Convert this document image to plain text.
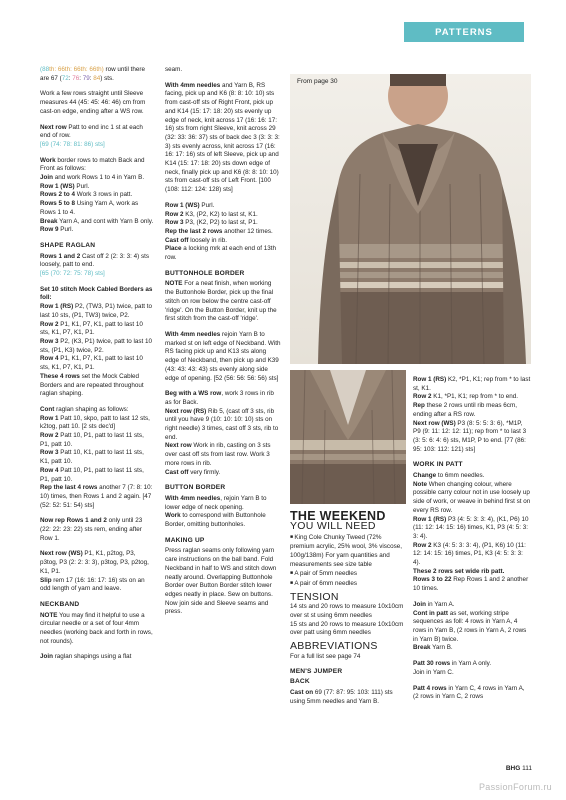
PATTERNS

(88th: 66th: 66th: 66th) row until there are 67 (72: 76: 79: 84) sts.

Work a few rows straight until Sleeve measures 44 (45: 45: 46: 46) cm from cast-on edge, ending after a WS row.

Next row Patt to end inc 1 st at each end of row.
[69 (74: 78: 81: 86) sts]

Work border rows to match Back and Front as follows:
Join and work Rows 1 to 4 in Yarn B.
Row 1 (WS) Purl.
Rows 2 to 4 Work 3 rows in patt.
Rows 5 to 8 Using Yarn A, work as Rows 1 to 4.
Break Yarn A, and cont with Yarn B only.
Row 9 Purl.

SHAPE RAGLAN

Rows 1 and 2 Cast off 2 (2: 3: 3: 4) sts loosely, patt to end.
[65 (70: 72: 75: 78) sts]

Set 10 stitch Mock Cabled Borders as foll:
Row 1 (RS) P2, (TW3, P1) twice, patt to last 10 sts, (P1, TW3) twice, P2.
Row 2 P1, K1, P7, K1, patt to last 10 sts, K1, P7, K1, P1.
Row 3 P2, (K3, P1) twice, patt to last 10 sts, (P1, K3) twice, P2.
Row 4 P1, K1, P7, K1, patt to last 10 sts, K1, P7, K1, P1.
These 4 rows set the Mock Cabled Borders and are repeated throughout raglan shaping.

Cont raglan shaping as follows:
Row 1 Patt 10, skpo, patt to last 12 sts, k2tog, patt 10. [2 sts dec'd]
Row 2 Patt 10, P1, patt to last 11 sts, P1, patt 10.
Row 3 Patt 10, K1, patt to last 11 sts, K1, patt 10.
Row 4 Patt 10, P1, patt to last 11 sts, P1, patt 10.
Rep the last 4 rows another 7 (7: 8: 10: 10) times, then Rows 1 and 2 again. [47 (52: 52: 51: 54) sts]

Now rep Rows 1 and 2 only until 23 (22: 22: 23: 22) sts rem, ending after Row 1.

Next row (WS) P1, K1, p2tog, P3, p3tog, P3 (2: 2: 3: 3), p3tog, P3, p2tog, K1, P1.
Slip rem 17 (16: 16: 17: 16) sts on an odd length of yarn and leave.

NECKBAND

NOTE You may find it helpful to use a circular needle or a set of four 4mm needles (working back and forth in rows, not rounds).

Join raglan shapings using a flat

seam.

With 4mm needles and Yarn B, RS facing, pick up and K6 (8: 8: 10: 10) sts from cast-off sts of Right Front, pick up and K14 (15: 17: 18: 20) sts evenly up edge of neck, knit across 17 (16: 16: 17: 16) sts from right Sleeve, knit across 29 (32: 33: 36: 37) sts of back dec 3 (3: 3: 3: 3) sts evenly across, knit across 17 (16: 16: 17: 16) sts of left Sleeve, pick up and K14 (15: 17: 18: 20) sts down edge of neck, finally pick up and K6 (8: 8: 10: 10) sts from cast-off sts of Left Front. [100 (108: 112: 124: 128) sts]

Row 1 (WS) Purl.
Row 2 K3, (P2, K2) to last st, K1.
Row 3 P3, (K2, P2) to last st, P1.
Rep the last 2 rows another 12 times.
Cast off loosely in rib.
Place a locking mrk at each end of 13th row.

BUTTONHOLE BORDER

NOTE For a neat finish, when working the Buttonhole Border, pick up the final stitch on row below the centre cast-off 'ridge'. On the Button Border, knit up the first stitch from the cast-off 'ridge'.

With 4mm needles rejoin Yarn B to marked st on left edge of Neckband. With RS facing pick up and K13 sts along edge of Neckband, then pick up and K39 (43: 43: 43: 43) sts evenly along side edge of opening. [52 (56: 56: 56: 56) sts]

Beg with a WS row, work 3 rows in rib as for Back.
Next row (RS) Rib 5, (cast off 3 sts, rib until you have 9 (10: 10: 10: 10) sts on right needle) 3 times, cast off 3 sts, rib to end.
Next row Work in rib, casting on 3 sts over cast off sts from last row. Work 3 more rows in rib.
Cast off very firmly.

BUTTON BORDER

With 4mm needles, rejoin Yarn B to lower edge of neck opening.
Work to correspond with Buttonhole Border, omitting buttonholes.

MAKING UP

Press raglan seams only following yarn care instructions on the ball band. Fold Neckband in half to WS and stitch down neatly around. Overlapping Buttonhole Border over Button Border stitch lower edges neatly in place. Sew on buttons. Now join side and Sleeve seams and press.

From page 30
THE WEEKEND
YOU WILL NEED
■ King Cole Chunky Tweed (72% premium acrylic, 25% wool, 3% viscose, 100g/138m) For yarn quantities and measurements see size table
■ A pair of 5mm needles
■ A pair of 6mm needles
TENSION
14 sts and 20 rows to measure 10x10cm over st st using 6mm needles
15 sts and 20 rows to measure 10x10cm over patt using 6mm needles
ABBREVIATIONS
For a full list see page 74
MEN'S JUMPER
BACK
Cast on 69 (77: 87: 95: 103: 111) sts using 5mm needles and Yarn B.

Row 1 (RS) K2, *P1, K1; rep from * to last st, K1.
Row 2 K1, *P1, K1; rep from * to end.
Rep these 2 rows until rib meas 6cm, ending after a RS row.
Next row (WS) P3 (8: 5: 5: 3: 6), *M1P, P9 (9: 11: 12: 12: 11); rep from * to last 3 (3: 5: 6: 4: 6) sts, M1P, P to end. [77 (86: 95: 103: 112: 121) sts]

WORK IN PATT

Change to 6mm needles.
Note When changing colour, where possible carry colour not in use loosely up side of work, or weave in behind first st on every RS row.
Row 1 (RS) P3 (4: 5: 3: 3: 4), (K1, P6) 10 (11: 12: 14: 15: 16) times, K1, P3 (4: 5: 3: 3: 4).
Row 2 K3 (4: 5: 3: 3: 4), (P1, K6) 10 (11: 12: 14: 15: 16) times, P1, K3 (4: 5: 3: 3: 4).
These 2 rows set wide rib patt.
Rows 3 to 22 Rep Rows 1 and 2 another 10 times.

Join in Yarn A.
Cont in patt as set, working stripe sequences as foll: 4 rows in Yarn A, 4 rows in Yarn B, (2 rows in Yarn A, 2 rows in Yarn B) twice.
Break Yarn B.

Patt 30 rows in Yarn A only.
Join in Yarn C.

Patt 4 rows in Yarn C, 4 rows in Yarn A, (2 rows in Yarn C, 2 rows

BHG 111
PassionForum.ru
